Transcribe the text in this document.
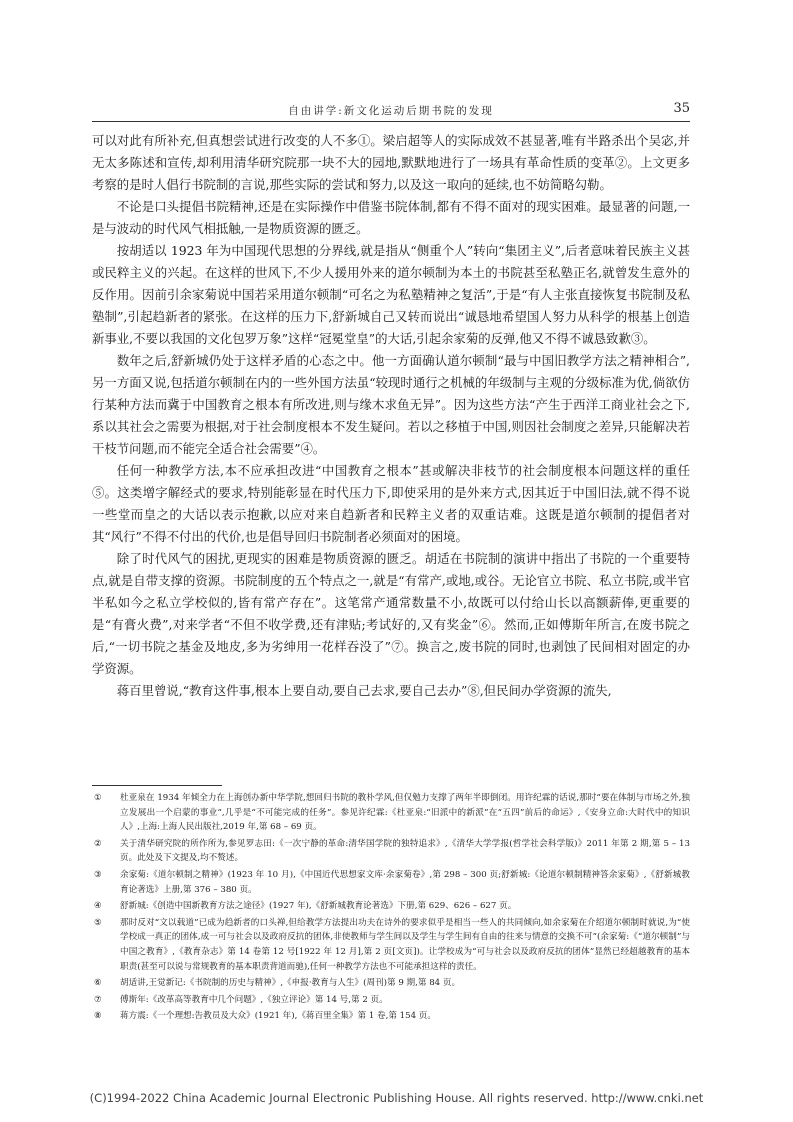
自由讲学:新文化运动后期书院的发现	35

可以对此有所补充,但真想尝试进行改变的人不多①。梁启超等人的实际成效不甚显著,唯有半路杀出个吴宓,并无太多陈述和宣传,却利用清华研究院那一块不大的园地,默默地进行了一场具有革命性质的变革②。上文更多考察的是时人倡行书院制的言说,那些实际的尝试和努力,以及这一取向的延续,也不妨简略勾勒。

不论是口头提倡书院精神,还是在实际操作中借鉴书院体制,都有不得不面对的现实困难。最显著的问题,一是与波动的时代风气相抵触,一是物质资源的匮乏。

按胡适以 1923 年为中国现代思想的分界线,就是指从“侧重个人”转向“集团主义”,后者意味着民族主义甚或民粹主义的兴起。在这样的世风下,不少人援用外来的道尔顿制为本土的书院甚至私塾正名,就曾发生意外的反作用。因前引余家菊说中国若采用道尔顿制“可名之为私塾精神之复活”,于是“有人主张直接恢复书院制及私塾制”,引起趋新者的紧张。在这样的压力下,舒新城自己又转而说出“诚恳地希望国人努力从科学的根基上创造新事业,不要以我国的文化包罗万象”这样“冠冕堂皇”的大话,引起余家菊的反弹,他又不得不诚恳致歉③。

数年之后,舒新城仍处于这样矛盾的心态之中。他一方面确认道尔顿制“最与中国旧教学方法之精神相合”,另一方面又说,包括道尔顿制在内的一些外国方法虽“较现时通行之机械的年级制与主观的分级标准为优,倘欲仿行某种方法而冀于中国教育之根本有所改进,则与缘木求鱼无异”。因为这些方法“产生于西洋工商业社会之下,系以其社会之需要为根据,对于社会制度根本不发生疑问。若以之移植于中国,则因社会制度之差异,只能解决若干枝节问题,而不能完全适合社会需要”④。

任何一种教学方法,本不应承担改进“中国教育之根本”甚或解决非枝节的社会制度根本问题这样的重任⑤。这类增字解经式的要求,特别能彰显在时代压力下,即使采用的是外来方式,因其近于中国旧法,就不得不说一些堂而皇之的大话以表示抱歉,以应对来自趋新者和民粹主义者的双重诘难。这既是道尔顿制的提倡者对其“风行”不得不付出的代价,也是倡导回归书院制者必须面对的困境。

除了时代风气的困扰,更现实的困难是物质资源的匮乏。胡适在书院制的演讲中指出了书院的一个重要特点,就是自带支撑的资源。书院制度的五个特点之一,就是“有常产,或地,或谷。无论官立书院、私立书院,或半官半私如今之私立学校似的,皆有常产存在”。这笔常产通常数量不小,故既可以付给山长以高额薪俸,更重要的是“有膏火费”,对来学者“不但不收学费,还有津贴;考试好的,又有奖金”⑥。然而,正如傅斯年所言,在废书院之后,“一切书院之基金及地皮,多为劣绅用一花样吞没了”⑦。换言之,废书院的同时,也剥蚀了民间相对固定的办学资源。

蒋百里曾说,“教育这件事,根本上要自动,要自己去求,要自己去办”⑧,但民间办学资源的流失,

① 杜亚泉在 1934 年倾全力在上海创办新中华学院,想回归书院的教朴学风,但仅勉力支撑了两年半即倒闭。用许纪霖的话说,那时“要在体制与市场之外,独立发展出一个启蒙的事业”,几乎是“不可能完成的任务”。参见许纪霖:《杜亚泉:“旧派中的新派”在“五四”前后的命运》,《安身立命:大时代中的知识人》,上海:上海人民出版社,2019 年,第 68 – 69 页。
② 关于清华研究院的所作所为,参见罗志田:《一次宁静的革命:清华国学院的独特追求》,《清华大学学报(哲学社会科学版)》2011 年第 2 期,第 5 – 13 页。此处及下文提及,均不赘述。
③ 余家菊:《道尔顿制之精神》(1923 年 10 月),《中国近代思想家文库·余家菊卷》,第 298 – 300 页;舒新城:《论道尔顿制精神答余家菊》,《舒新城教育论著选》上册,第 376 – 380 页。
④ 舒新城:《创造中国新教育方法之途径》(1927 年),《舒新城教育论著选》下册,第 629、626 – 627 页。
⑤ 那时反对“文以载道”已成为趋新者的口头禅,但给教学方法提出功夫在诗外的要求似乎是相当一些人的共同倾向,如余家菊在介绍道尔顿制时就说,为“使学校成一真正的团体,成一可与社会以及政府反抗的团体,非使教师与学生间以及学生与学生间有自由的往来与情意的交换不可”(余家菊:《“道尔顿制”与中国之教育》,《教育杂志》第 14 卷第 12 号[1922 年 12 月],第 2 页[文页])。让学校成为“可与社会以及政府反抗的团体”显然已经超越教育的基本职责(甚至可以说与常规教育的基本职责背道而驰),任何一种教学方法也不可能承担这样的责任。
⑥ 胡适讲,王觉新记:《书院制的历史与精神》,《申报·教育与人生》(周刊)第 9 期,第 84 页。
⑦ 傅斯年:《改革高等教育中几个问题》,《独立评论》第 14 号,第 2 页。
⑧ 蒋方震:《一个理想:告教员及大众》(1921 年),《蒋百里全集》第 1 卷,第 154 页。
(C)1994-2022 China Academic Journal Electronic Publishing House. All rights reserved. http://www.cnki.net
